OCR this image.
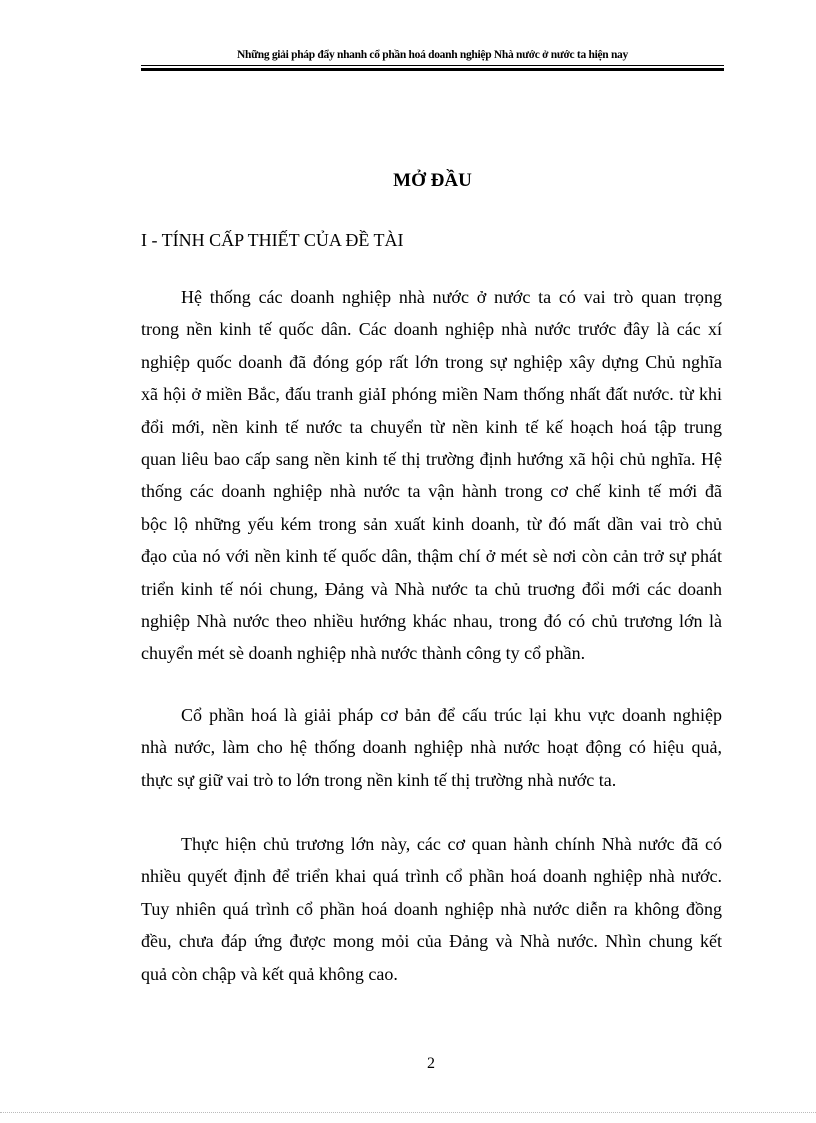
Những giải pháp đẩy nhanh cổ phần hoá doanh nghiệp Nhà nước ở nước ta hiện nay
MỞ ĐẦU
I - TÍNH CẤP THIẾT CỦA ĐỀ TÀI
Hệ thống các doanh nghiệp nhà nước ở nước ta có vai trò quan trọng
trong nền kinh tế quốc dân. Các doanh nghiệp nhà nước trước đây là các xí
nghiệp quốc doanh đã đóng góp rất lớn trong sự nghiệp xây dựng Chủ nghĩa
xã hội ở miền Bắc, đấu tranh giảI phóng miền Nam thống nhất đất nước. từ khi
đổi mới, nền kinh tế nước ta chuyển từ nền kinh tế kế hoạch hoá tập trung
quan liêu bao cấp sang nền kinh tế thị trường định hướng xã hội chủ nghĩa. Hệ
thống các doanh nghiệp nhà nước ta vận hành trong cơ chế kinh tế mới đã
bộc lộ những yếu kém trong sản xuất kinh doanh, từ đó mất dần vai trò chủ
đạo của nó với nền kinh tế quốc dân, thậm chí ở mét sè nơi còn cản trở sự phát
triển kinh tế nói chung, Đảng và Nhà nước ta chủ truơng đổi mới các doanh
nghiệp Nhà nước theo nhiều hướng khác nhau, trong đó có chủ trương lớn là
chuyển mét sè doanh nghiệp nhà nước thành công ty cổ phần.
Cổ phần hoá là giải pháp cơ bản để cấu trúc lại khu vực doanh nghiệp
nhà nước, làm cho hệ thống doanh nghiệp nhà nước hoạt động có hiệu quả,
thực sự giữ vai trò to lớn trong nền kinh tế thị trường nhà nước ta.
Thực hiện chủ trương lớn này, các cơ quan hành chính Nhà nước đã có
nhiều quyết định để triển khai quá trình cổ phần hoá doanh nghiệp nhà nước.
Tuy nhiên quá trình cổ phần hoá doanh nghiệp nhà nước diễn ra không đồng
đều, chưa đáp ứng được mong mỏi của Đảng và Nhà nước. Nhìn chung kết
quả còn chập và kết quả không cao.
2
